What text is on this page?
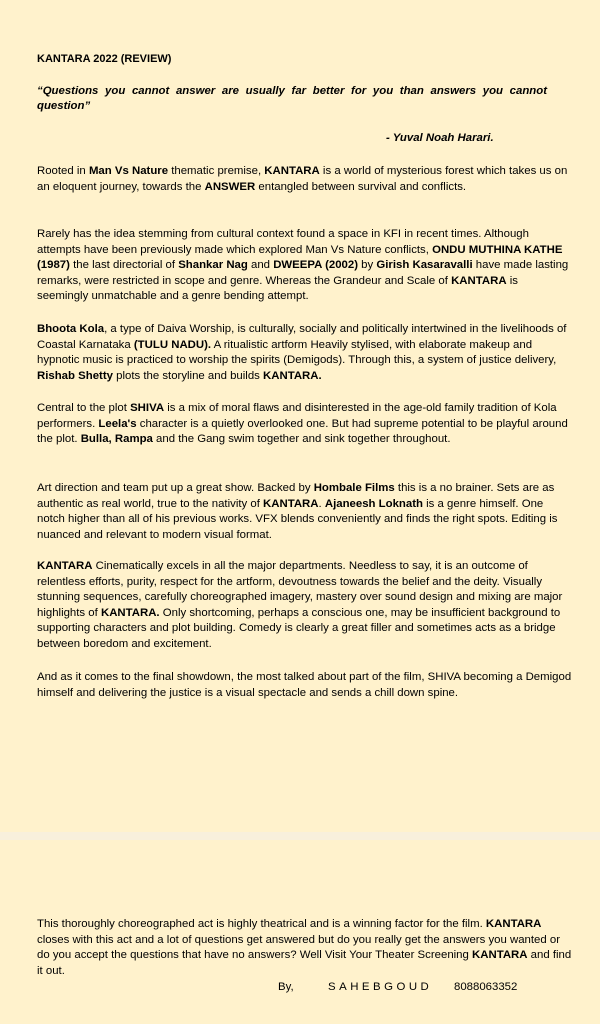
KANTARA 2022 (REVIEW)

“Questions you cannot answer are usually far better for you than answers you cannot question”

- Yuval Noah Harari.

Rooted in Man Vs Nature thematic premise, KANTARA is a world of mysterious forest which takes us on an eloquent journey, towards the ANSWER entangled between survival and conflicts.

Rarely has the idea stemming from cultural context found a space in KFI in recent times. Although attempts have been previously made which explored Man Vs Nature conflicts, ONDU MUTHINA KATHE (1987) the last directorial of Shankar Nag and DWEEPA (2002) by Girish Kasaravalli have made lasting remarks, were restricted in scope and genre. Whereas the Grandeur and Scale of KANTARA is seemingly unmatchable and a genre bending attempt.

Bhoota Kola, a type of Daiva Worship, is culturally, socially and politically intertwined in the livelihoods of Coastal Karnataka (TULU NADU). A ritualistic artform Heavily stylised, with elaborate makeup and hypnotic music is practiced to worship the spirits (Demigods). Through this, a system of justice delivery, Rishab Shetty plots the storyline and builds KANTARA.

Central to the plot SHIVA is a mix of moral flaws and disinterested in the age-old family tradition of Kola performers. Leela's character is a quietly overlooked one. But had supreme potential to be playful around the plot. Bulla, Rampa and the Gang swim together and sink together throughout.

Art direction and team put up a great show. Backed by Hombale Films this is a no brainer. Sets are as authentic as real world, true to the nativity of KANTARA. Ajaneesh Loknath is a genre himself. One notch higher than all of his previous works. VFX blends conveniently and finds the right spots. Editing is nuanced and relevant to modern visual format.

KANTARA Cinematically excels in all the major departments. Needless to say, it is an outcome of relentless efforts, purity, respect for the artform, devoutness towards the belief and the deity. Visually stunning sequences, carefully choreographed imagery, mastery over sound design and mixing are major highlights of KANTARA. Only shortcoming, perhaps a conscious one, may be insufficient background to supporting characters and plot building. Comedy is clearly a great filler and sometimes acts as a bridge between boredom and excitement.

And as it comes to the final showdown, the most talked about part of the film, SHIVA becoming a Demigod himself and delivering the justice is a visual spectacle and sends a chill down spine.

This thoroughly choreographed act is highly theatrical and is a winning factor for the film. KANTARA closes with this act and a lot of questions get answered but do you really get the answers you wanted or do you accept the questions that have no answers? Well Visit Your Theater Screening KANTARA and find it out.

By,	SAHEBGOUD 8088063352
